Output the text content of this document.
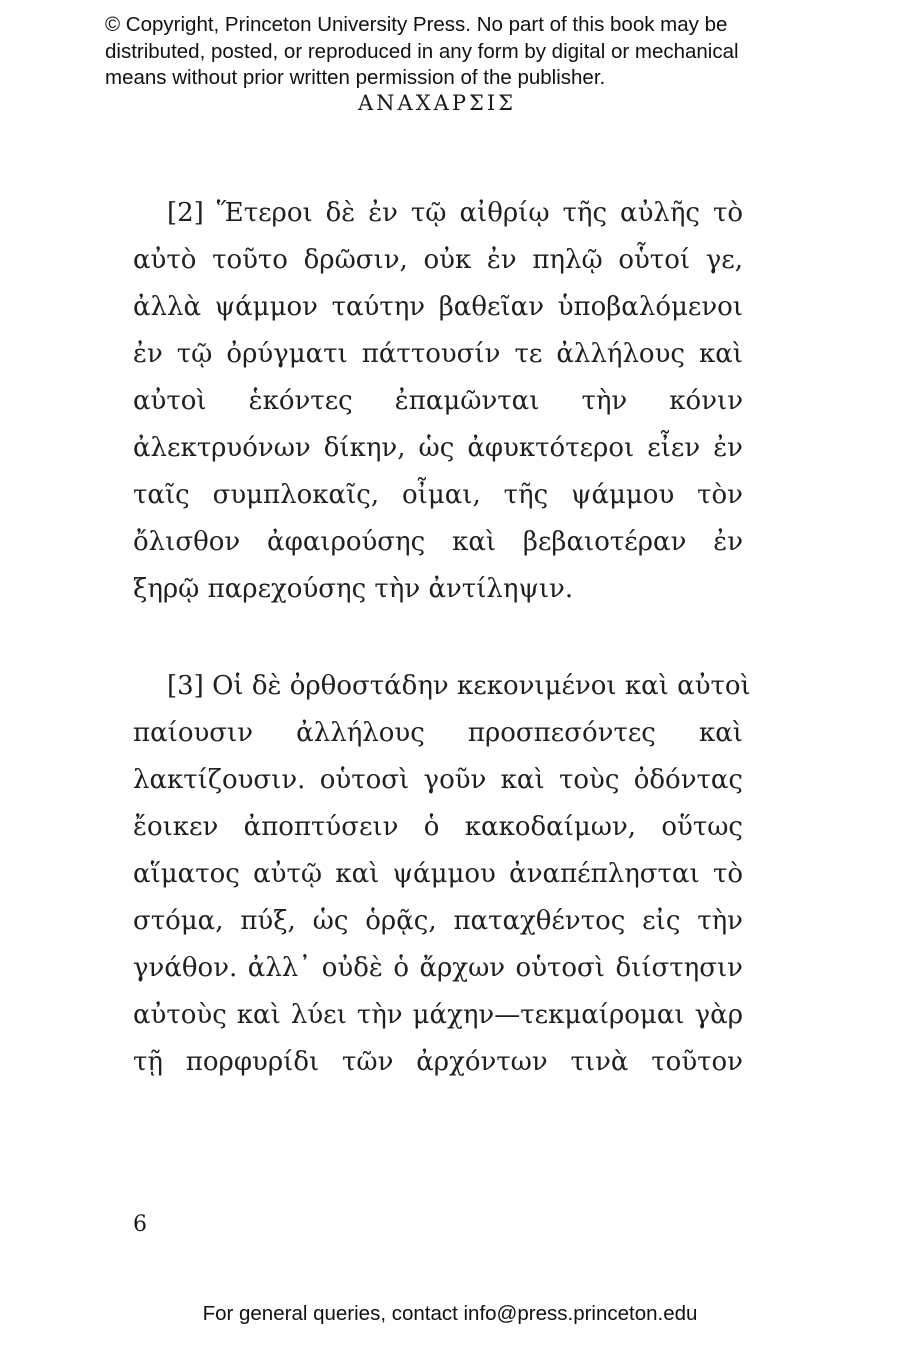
© Copyright, Princeton University Press. No part of this book may be
distributed, posted, or reproduced in any form by digital or mechanical
means without prior written permission of the publisher.
ΑΝΑΧΑΡΣΙΣ
[2] Ἕτεροι δὲ ἐν τῷ αἰθρίῳ τῆς αὐλῆς τὸ
αὐτὸ τοῦτο δρῶσιν, οὐκ ἐν πηλῷ οὗτοί γε,
ἀλλὰ ψάμμον ταύτην βαθεῖαν ὑποβαλόμενοι
ἐν τῷ ὀρύγματι πάττουσίν τε ἀλλήλους καὶ
αὐτοὶ ἑκόντες ἐπαμῶνται τὴν κόνιν
ἀλεκτρυόνων δίκην, ὡς ἀφυκτότεροι εἶεν ἐν
ταῖς συμπλοκαῖς, οἶμαι, τῆς ψάμμου τὸν
ὄλισθον ἀφαιρούσης καὶ βεβαιοτέραν ἐν
ξηρῷ παρεχούσης τὴν ἀντίληψιν.
[3] Οἱ δὲ ὀρθοστάδην κεκονιμένοι καὶ αὐτοὶ
παίουσιν ἀλλήλους προσπεσόντες καὶ
λακτίζουσιν. οὑτοσὶ γοῦν καὶ τοὺς ὀδόντας
ἔοικεν ἀποπτύσειν ὁ κακοδαίμων, οὕτως
αἵματος αὐτῷ καὶ ψάμμου ἀναπέπλησται τὸ
στόμα, πύξ, ὡς ὁρᾷς, παταχθέντος εἰς τὴν
γνάθον. ἀλλ᾽ οὐδὲ ὁ ἄρχων οὑτοσὶ διίστησιν
αὐτοὺς καὶ λύει τὴν μάχην—τεκμαίρομαι γὰρ
τῇ πορφυρίδι τῶν ἀρχόντων τινὰ τοῦτον
6
For general queries, contact info@press.princeton.edu
